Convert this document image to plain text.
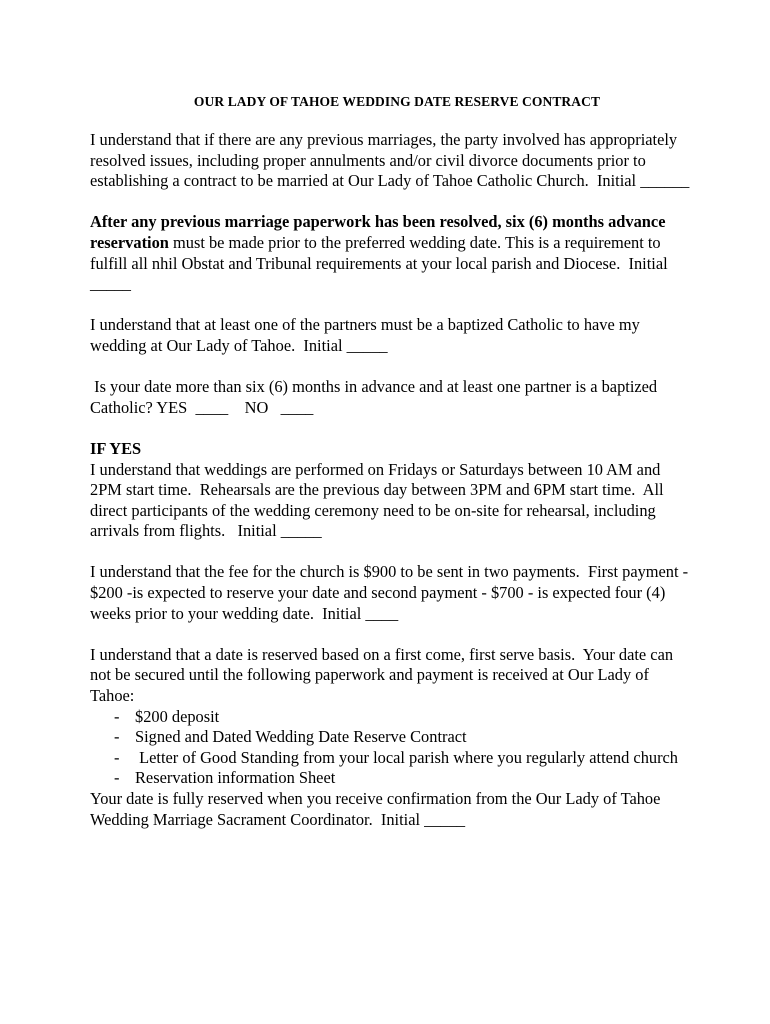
OUR LADY OF TAHOE WEDDING DATE RESERVE CONTRACT

I understand that if there are any previous marriages, the party involved has appropriately resolved issues, including proper annulments and/or civil divorce documents prior to establishing a contract to be married at Our Lady of Tahoe Catholic Church.  Initial ______

After any previous marriage paperwork has been resolved, six (6) months advance reservation must be made prior to the preferred wedding date. This is a requirement to fulfill all nhil Obstat and Tribunal requirements at your local parish and Diocese.  Initial _____

I understand that at least one of the partners must be a baptized Catholic to have my wedding at Our Lady of Tahoe.  Initial _____

Is your date more than six (6) months in advance and at least one partner is a baptized Catholic? YES  ____    NO   ____

IF YES

I understand that weddings are performed on Fridays or Saturdays between 10 AM and 2PM start time.  Rehearsals are the previous day between 3PM and 6PM start time.  All direct participants of the wedding ceremony need to be on-site for rehearsal, including arrivals from flights.   Initial _____

I understand that the fee for the church is $900 to be sent in two payments.  First payment - $200 -is expected to reserve your date and second payment - $700 - is expected four (4) weeks prior to your wedding date.  Initial ____

I understand that a date is reserved based on a first come, first serve basis.  Your date can not be secured until the following paperwork and payment is received at Our Lady of Tahoe:

- $200 deposit
- Signed and Dated Wedding Date Reserve Contract
- Letter of Good Standing from your local parish where you regularly attend church
- Reservation information Sheet

Your date is fully reserved when you receive confirmation from the Our Lady of Tahoe Wedding Marriage Sacrament Coordinator.  Initial _____
